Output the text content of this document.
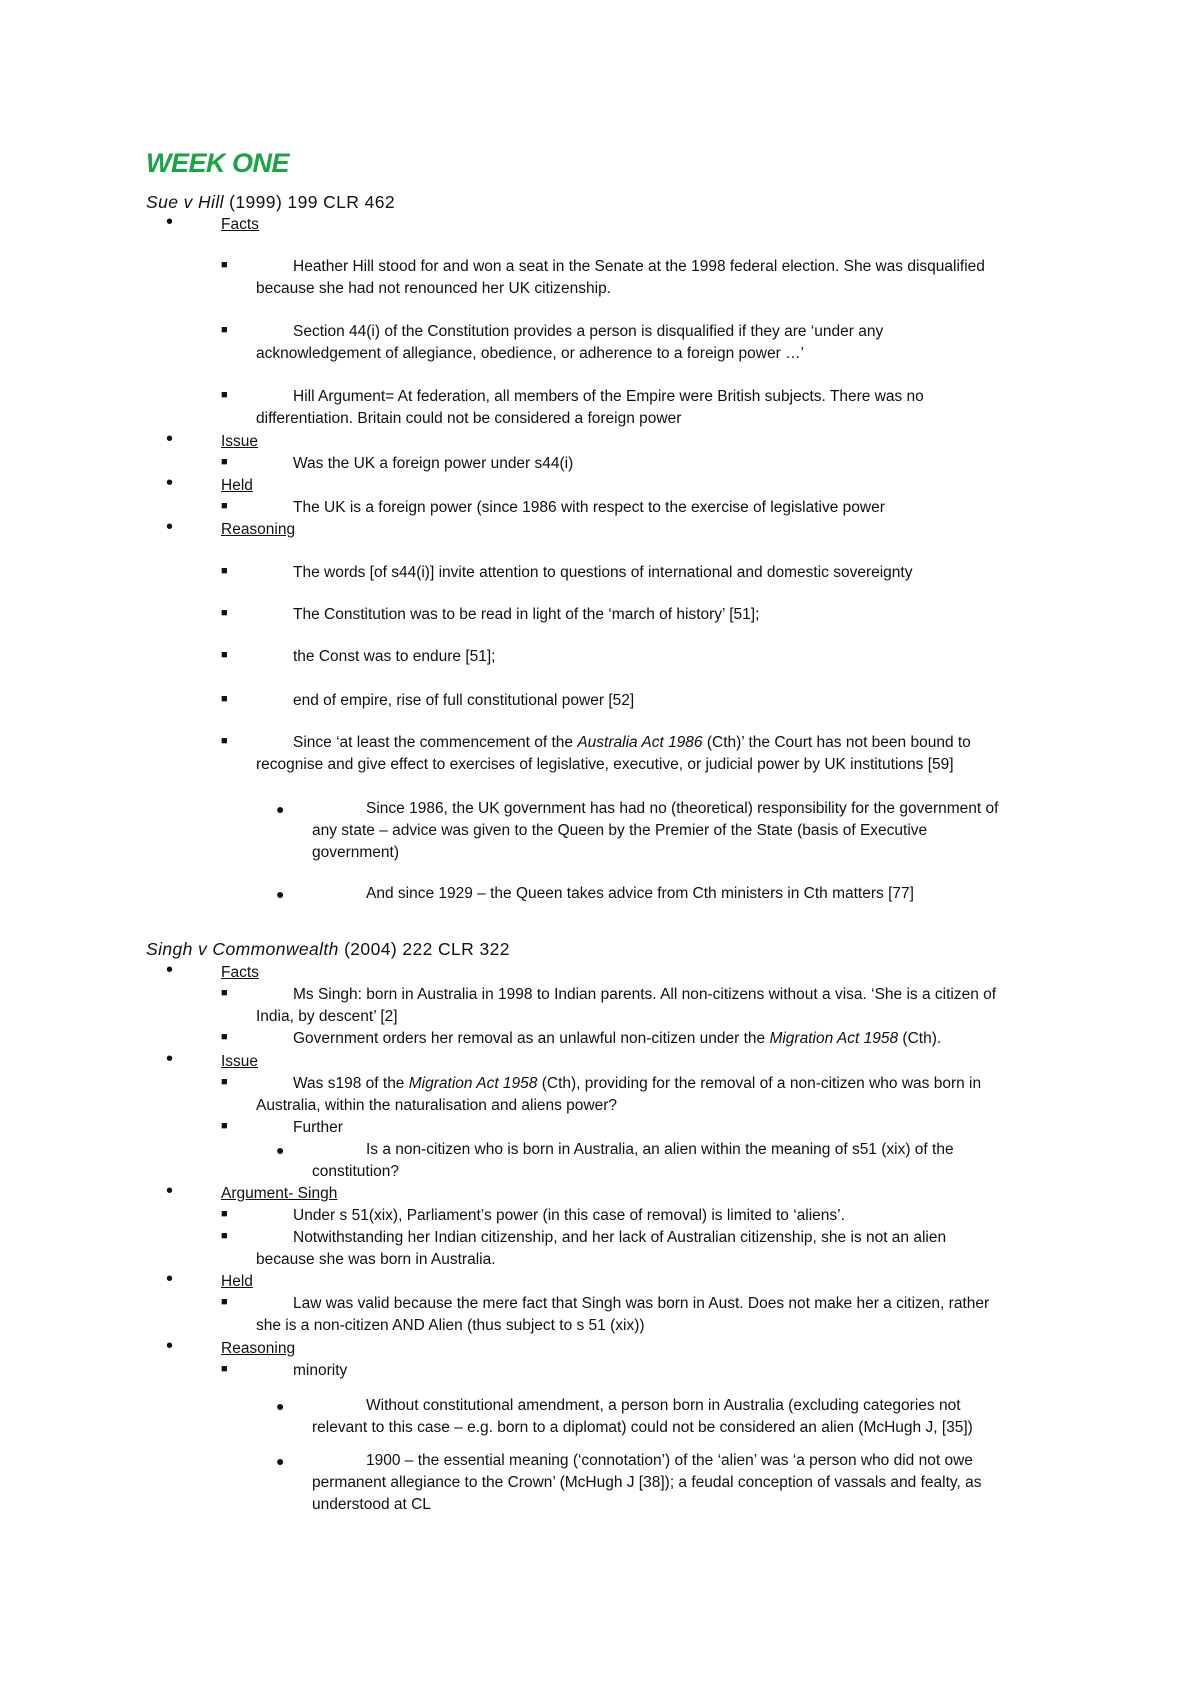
WEEK ONE

Sue v Hill (1999) 199 CLR 462

•	Facts
■	Heather Hill stood for and won a seat in the Senate at the 1998 federal election. She was disqualified
because she had not renounced her UK citizenship.
■	Section 44(i) of the Constitution provides a person is disqualified if they are ‘under any
acknowledgement of allegiance, obedience, or adherence to a foreign power …’
■	Hill Argument= At federation, all members of the Empire were British subjects. There was no
differentiation. Britain could not be considered a foreign power
•	Issue
■	Was the UK a foreign power under s44(i)
•	Held
■	The UK is a foreign power (since 1986 with respect to the exercise of legislative power
•	Reasoning
■	The words [of s44(i)] invite attention to questions of international and domestic sovereignty
■	The Constitution was to be read in light of the ‘march of history’ [51];
■	the Const was to endure [51];
■	end of empire, rise of full constitutional power [52]
■	Since ‘at least the commencement of the Australia Act 1986 (Cth)’ the Court has not been bound to
recognise and give effect to exercises of legislative, executive, or judicial power by UK institutions [59]
●	Since 1986, the UK government has had no (theoretical) responsibility for the government of
any state – advice was given to the Queen by the Premier of the State (basis of Executive
government)
●	And since 1929 – the Queen takes advice from Cth ministers in Cth matters [77]

Singh v Commonwealth (2004) 222 CLR 322

•	Facts
■	Ms Singh: born in Australia in 1998 to Indian parents. All non-citizens without a visa. ‘She is a citizen of
India, by descent’ [2]
■	Government orders her removal as an unlawful non-citizen under the Migration Act 1958 (Cth).
•	Issue
■	Was s198 of the Migration Act 1958 (Cth), providing for the removal of a non-citizen who was born in
Australia, within the naturalisation and aliens power?
■	Further
●	Is a non-citizen who is born in Australia, an alien within the meaning of s51 (xix) of the
constitution?
•	Argument- Singh
■	Under s 51(xix), Parliament’s power (in this case of removal) is limited to ‘aliens’.
■	Notwithstanding her Indian citizenship, and her lack of Australian citizenship, she is not an alien
because she was born in Australia.
•	Held
■	Law was valid because the mere fact that Singh was born in Aust. Does not make her a citizen, rather
she is a non-citizen AND Alien (thus subject to s 51 (xix))
•	Reasoning
■	minority
●	Without constitutional amendment, a person born in Australia (excluding categories not
relevant to this case – e.g. born to a diplomat) could not be considered an alien (McHugh J, [35])
●	1900 – the essential meaning (‘connotation’) of the ‘alien’ was ‘a person who did not owe
permanent allegiance to the Crown’ (McHugh J [38]); a feudal conception of vassals and fealty, as
understood at CL
